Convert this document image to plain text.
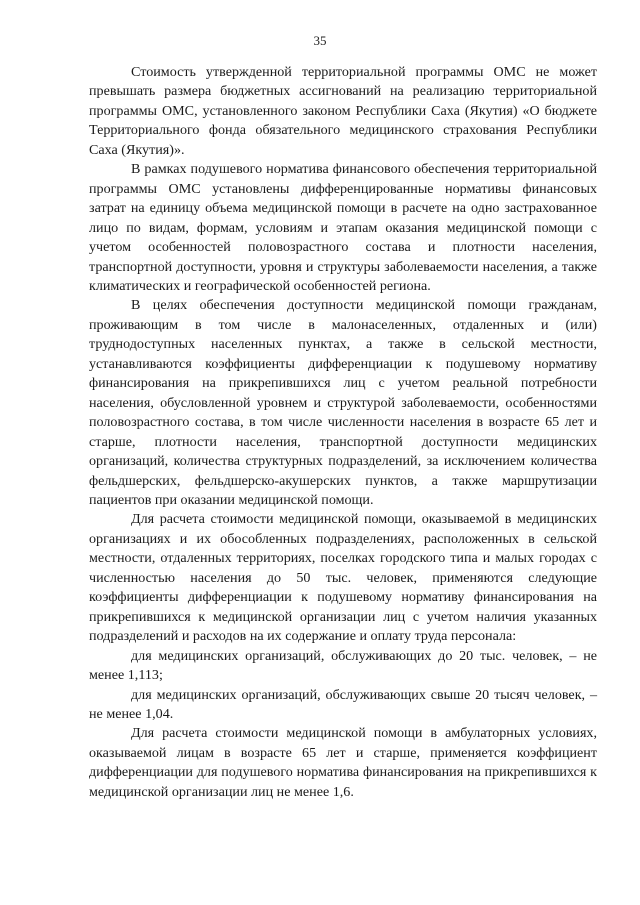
35

Стоимость утвержденной территориальной программы ОМС не может превышать размера бюджетных ассигнований на реализацию территориальной программы ОМС, установленного законом Республики Саха (Якутия) «О бюджете Территориального фонда обязательного медицинского страхования Республики Саха (Якутия)».

В рамках подушевого норматива финансового обеспечения территориальной программы ОМС установлены дифференцированные нормативы финансовых затрат на единицу объема медицинской помощи в расчете на одно застрахованное лицо по видам, формам, условиям и этапам оказания медицинской помощи с учетом особенностей половозрастного состава и плотности населения, транспортной доступности, уровня и структуры заболеваемости населения, а также климатических и географической особенностей региона.

В целях обеспечения доступности медицинской помощи гражданам, проживающим в том числе в малонаселенных, отдаленных и (или) труднодоступных населенных пунктах, а также в сельской местности, устанавливаются коэффициенты дифференциации к подушевому нормативу финансирования на прикрепившихся лиц с учетом реальной потребности населения, обусловленной уровнем и структурой заболеваемости, особенностями половозрастного состава, в том числе численности населения в возрасте 65 лет и старше, плотности населения, транспортной доступности медицинских организаций, количества структурных подразделений, за исключением количества фельдшерских, фельдшерско-акушерских пунктов, а также маршрутизации пациентов при оказании медицинской помощи.

Для расчета стоимости медицинской помощи, оказываемой в медицинских организациях и их обособленных подразделениях, расположенных в сельской местности, отдаленных территориях, поселках городского типа и малых городах с численностью населения до 50 тыс. человек, применяются следующие коэффициенты дифференциации к подушевому нормативу финансирования на прикрепившихся к медицинской организации лиц с учетом наличия указанных подразделений и расходов на их содержание и оплату труда персонала:

для медицинских организаций, обслуживающих до 20 тыс. человек, – не менее 1,113;

для медицинских организаций, обслуживающих свыше 20 тысяч человек, – не менее 1,04.

Для расчета стоимости медицинской помощи в амбулаторных условиях, оказываемой лицам в возрасте 65 лет и старше, применяется коэффициент дифференциации для подушевого норматива финансирования на прикрепившихся к медицинской организации лиц не менее 1,6.
